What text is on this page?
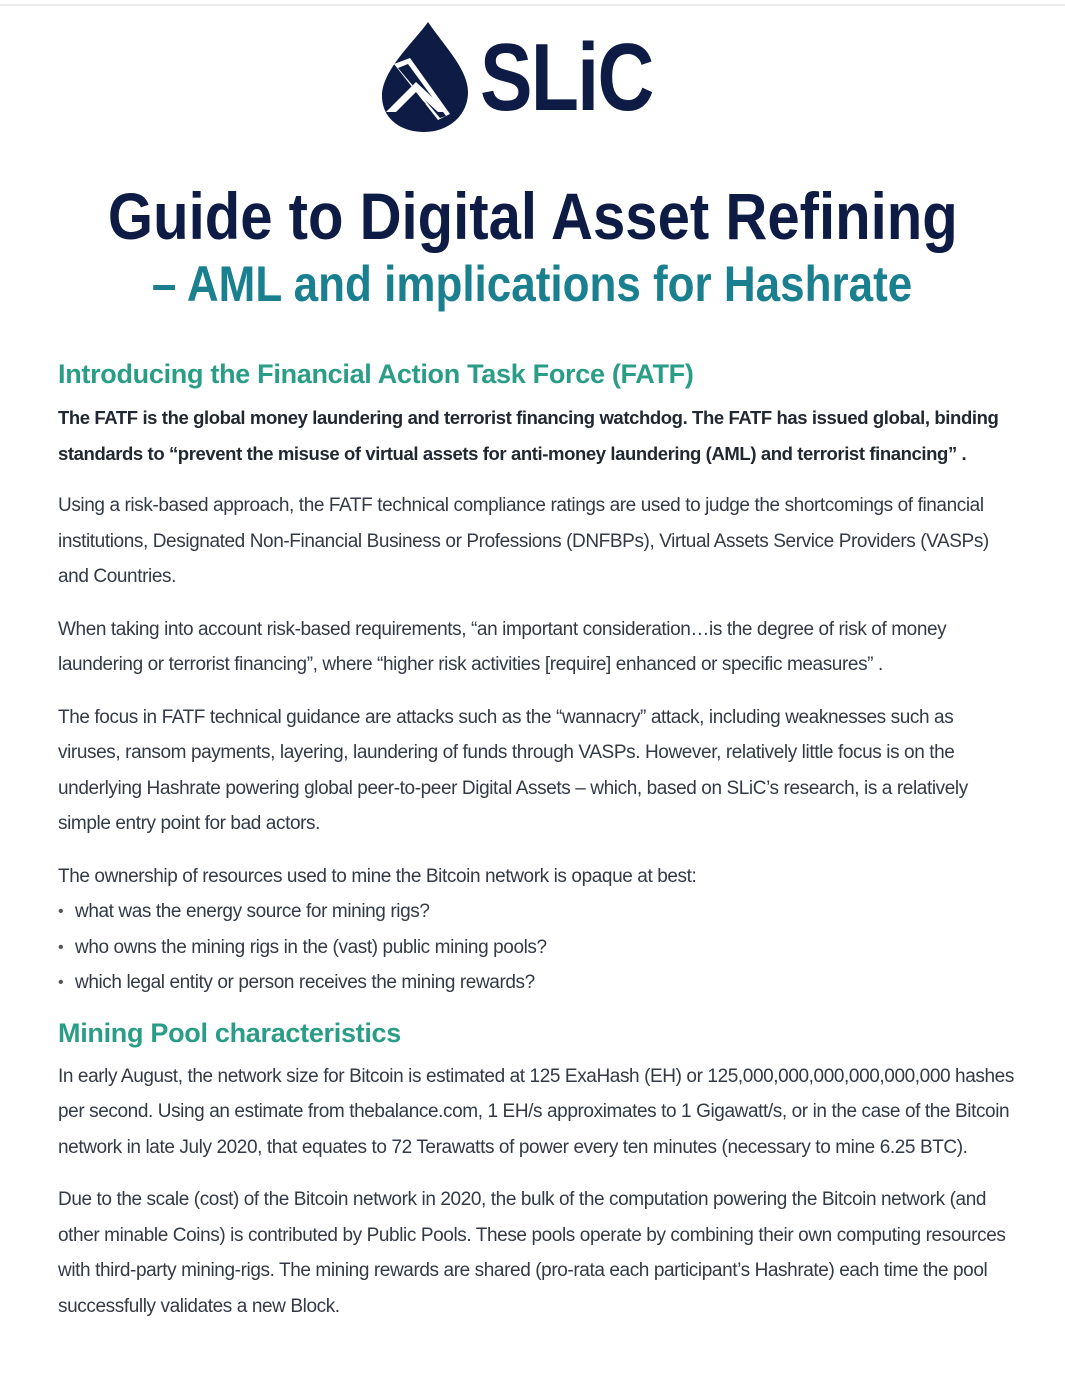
SLiC
Guide to Digital Asset Refining
– AML and implications for Hashrate
Introducing the Financial Action Task Force (FATF)

The FATF is the global money laundering and terrorist financing watchdog. The FATF has issued global, binding standards to “prevent the misuse of virtual assets for anti-money laundering (AML) and terrorist financing” .

Using a risk-based approach, the FATF technical compliance ratings are used to judge the shortcomings of financial institutions, Designated Non-Financial Business or Professions (DNFBPs), Virtual Assets Service Providers (VASPs) and Countries.

When taking into account risk-based requirements, “an important consideration…is the degree of risk of money laundering or terrorist financing”, where “higher risk activities [require] enhanced or specific measures” .

The focus in FATF technical guidance are attacks such as the “wannacry” attack, including weaknesses such as viruses, ransom payments, layering, laundering of funds through VASPs. However, relatively little focus is on the underlying Hashrate powering global peer-to-peer Digital Assets – which, based on SLiC’s research, is a relatively simple entry point for bad actors.

The ownership of resources used to mine the Bitcoin network is opaque at best:

• what was the energy source for mining rigs?
• who owns the mining rigs in the (vast) public mining pools?
• which legal entity or person receives the mining rewards?
Mining Pool characteristics

In early August, the network size for Bitcoin is estimated at 125 ExaHash (EH) or 125,000,000,000,000,000,000 hashes per second. Using an estimate from thebalance.com, 1 EH/s approximates to 1 Gigawatt/s, or in the case of the Bitcoin network in late July 2020, that equates to 72 Terawatts of power every ten minutes (necessary to mine 6.25 BTC).

Due to the scale (cost) of the Bitcoin network in 2020, the bulk of the computation powering the Bitcoin network (and other minable Coins) is contributed by Public Pools. These pools operate by combining their own computing resources with third-party mining-rigs. The mining rewards are shared (pro-rata each participant’s Hashrate) each time the pool successfully validates a new Block.
